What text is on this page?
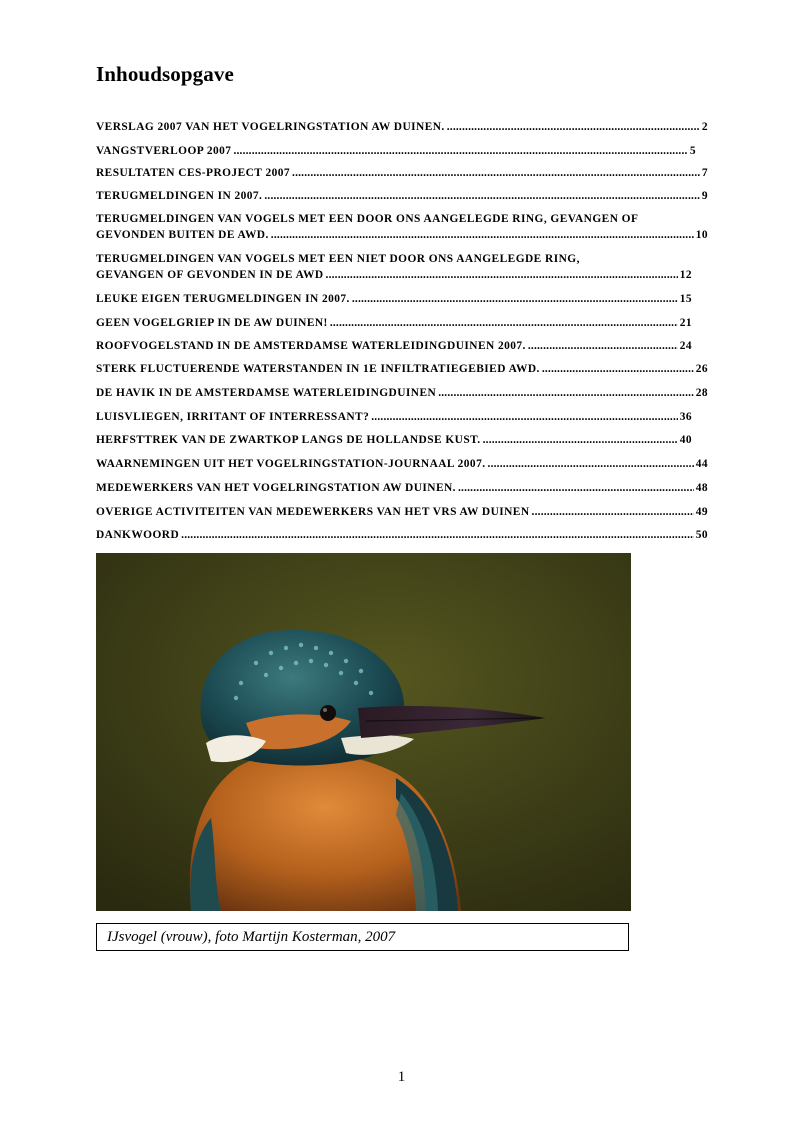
Inhoudsopgave
VERSLAG 2007 VAN HET VOGELRINGSTATION AW DUINEN. .....	2
VANGSTVERLOOP 2007 .....	5
RESULTATEN CES-PROJECT 2007 .....	7
TERUGMELDINGEN IN 2007. .....	9
TERUGMELDINGEN VAN VOGELS MET EEN DOOR ONS AANGELEGDE RING, GEVANGEN OF
GEVONDEN BUITEN DE AWD. .....	10
TERUGMELDINGEN VAN VOGELS MET EEN NIET DOOR ONS AANGELEGDE RING,
GEVANGEN OF GEVONDEN IN DE AWD .....	12
LEUKE EIGEN TERUGMELDINGEN IN 2007. .....	15
GEEN VOGELGRIEP IN DE AW DUINEN! .....	21
ROOFVOGELSTAND IN DE AMSTERDAMSE WATERLEIDINGDUINEN 2007. .....	24
STERK FLUCTUERENDE WATERSTANDEN IN 1E INFILTRATIEGEBIED AWD. .....	26
DE HAVIK IN DE AMSTERDAMSE WATERLEIDINGDUINEN .....	28
LUISVLIEGEN, IRRITANT OF INTERRESSANT? .....	36
HERFSTTREK VAN DE ZWARTKOP LANGS DE HOLLANDSE KUST. .....	40
WAARNEMINGEN UIT HET VOGELRINGSTATION-JOURNAAL 2007. .....	44
MEDEWERKERS VAN HET VOGELRINGSTATION AW DUINEN. .....	48
OVERIGE ACTIVITEITEN VAN MEDEWERKERS VAN HET VRS AW DUINEN .....	49
DANKWOORD .....	50
IJsvogel (vrouw), foto Martijn Kosterman, 2007
1
